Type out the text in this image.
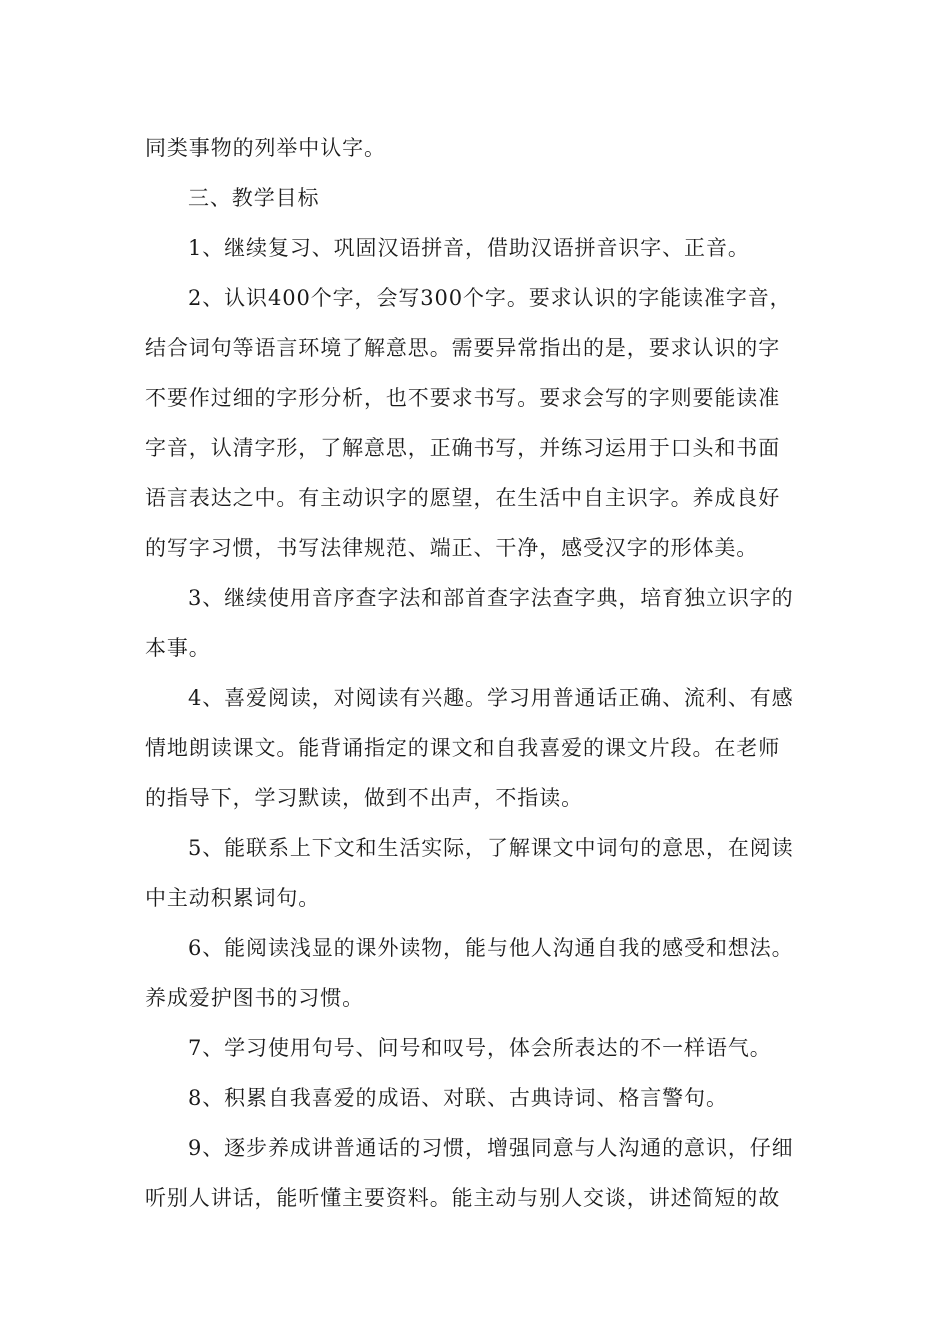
同类事物的列举中认字。
三、教学目标
1、继续复习、巩固汉语拼音，借助汉语拼音识字、正音。
2、认识400个字，会写300个字。要求认识的字能读准字音，
结合词句等语言环境了解意思。需要异常指出的是，要求认识的字
不要作过细的字形分析，也不要求书写。要求会写的字则要能读准
字音，认清字形，了解意思，正确书写，并练习运用于口头和书面
语言表达之中。有主动识字的愿望，在生活中自主识字。养成良好
的写字习惯，书写法律规范、端正、干净，感受汉字的形体美。
3、继续使用音序查字法和部首查字法查字典，培育独立识字的
本事。
4、喜爱阅读，对阅读有兴趣。学习用普通话正确、流利、有感
情地朗读课文。能背诵指定的课文和自我喜爱的课文片段。在老师
的指导下，学习默读，做到不出声，不指读。
5、能联系上下文和生活实际，了解课文中词句的意思，在阅读
中主动积累词句。
6、能阅读浅显的课外读物，能与他人沟通自我的感受和想法。
养成爱护图书的习惯。
7、学习使用句号、问号和叹号，体会所表达的不一样语气。
8、积累自我喜爱的成语、对联、古典诗词、格言警句。
9、逐步养成讲普通话的习惯，增强同意与人沟通的意识，仔细
听别人讲话，能听懂主要资料。能主动与别人交谈，讲述简短的故
